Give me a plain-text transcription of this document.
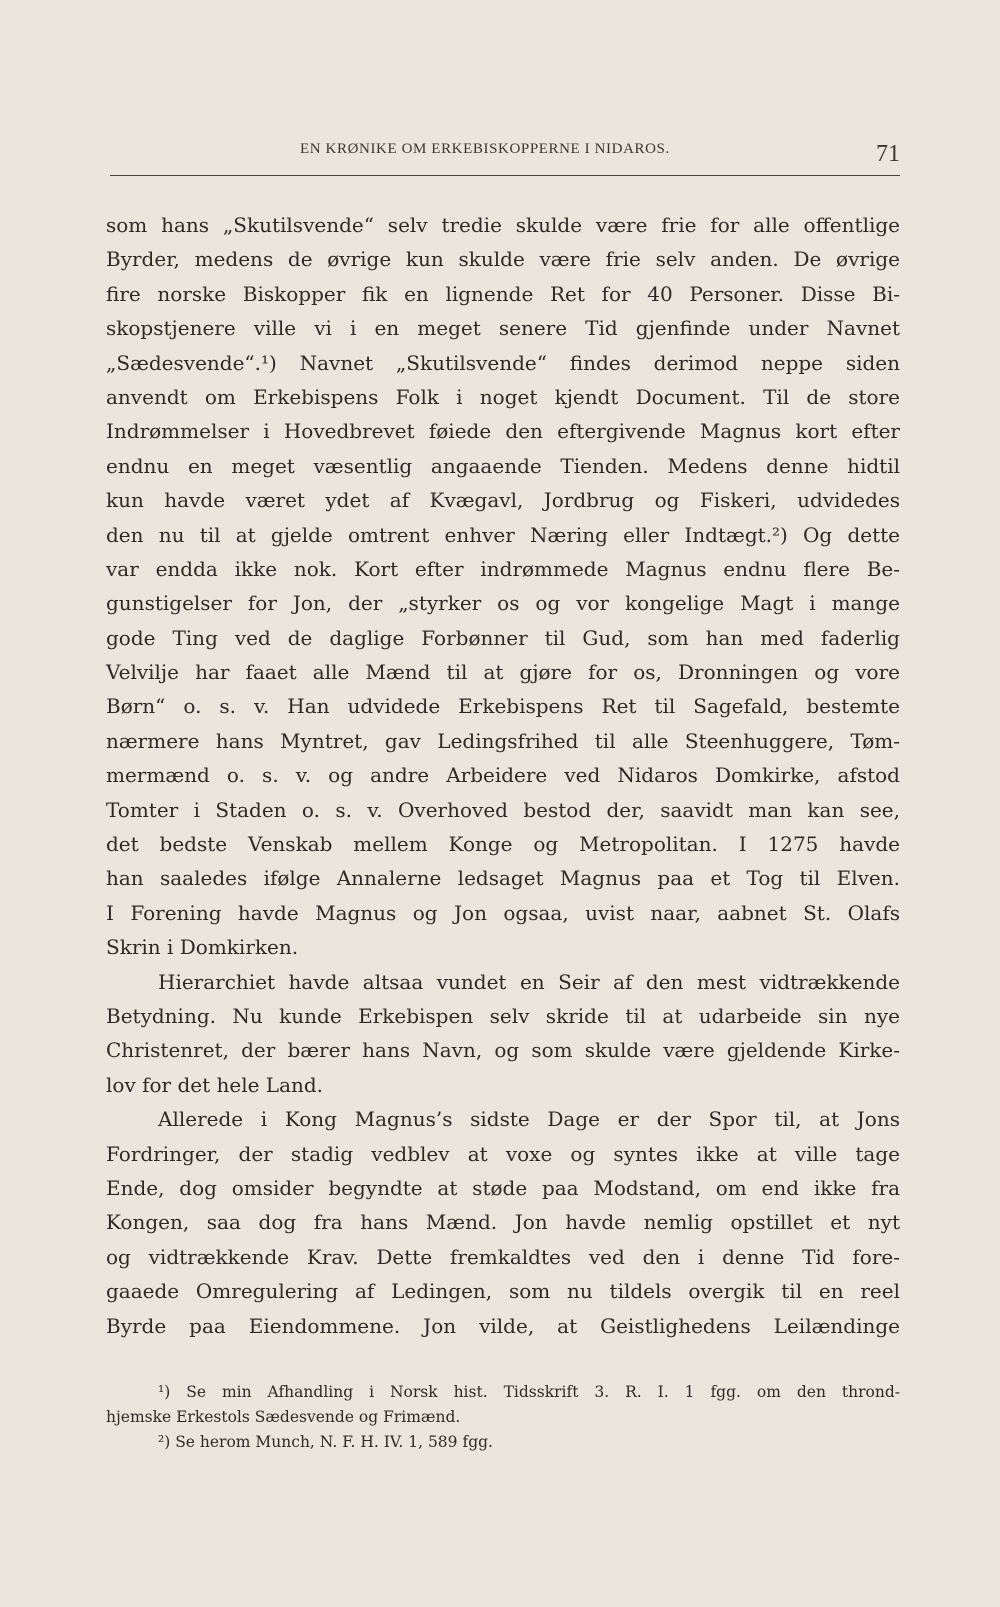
EN KRØNIKE OM ERKEBISKOPPERNE I NIDAROS.	71
som hans „Skutilsvende“ selv tredie skulde være frie for alle offentlige
Byrder, medens de øvrige kun skulde være frie selv anden. De øvrige
fire norske Biskopper fik en lignende Ret for 40 Personer. Disse Bi-
skopstjenere ville vi i en meget senere Tid gjenfinde under Navnet
„Sædesvende“.¹) Navnet „Skutilsvende“ findes derimod neppe siden
anvendt om Erkebispens Folk i noget kjendt Document. Til de store
Indrømmelser i Hovedbrevet føiede den eftergivende Magnus kort efter
endnu en meget væsentlig angaaende Tienden. Medens denne hidtil
kun havde været ydet af Kvægavl, Jordbrug og Fiskeri, udvidedes
den nu til at gjelde omtrent enhver Næring eller Indtægt.²) Og dette
var endda ikke nok. Kort efter indrømmede Magnus endnu flere Be-
gunstigelser for Jon, der „styrker os og vor kongelige Magt i mange
gode Ting ved de daglige Forbønner til Gud, som han med faderlig
Velvilje har faaet alle Mænd til at gjøre for os, Dronningen og vore
Børn“ o. s. v. Han udvidede Erkebispens Ret til Sagefald, bestemte
nærmere hans Myntret, gav Ledingsfrihed til alle Steenhuggere, Tøm-
mermænd o. s. v. og andre Arbeidere ved Nidaros Domkirke, afstod
Tomter i Staden o. s. v. Overhoved bestod der, saavidt man kan see,
det bedste Venskab mellem Konge og Metropolitan. I 1275 havde
han saaledes ifølge Annalerne ledsaget Magnus paa et Tog til Elven.
I Forening havde Magnus og Jon ogsaa, uvist naar, aabnet St. Olafs
Skrin i Domkirken.
Hierarchiet havde altsaa vundet en Seir af den mest vidtrækkende
Betydning. Nu kunde Erkebispen selv skride til at udarbeide sin nye
Christenret, der bærer hans Navn, og som skulde være gjeldende Kirke-
lov for det hele Land.
Allerede i Kong Magnus’s sidste Dage er der Spor til, at Jons
Fordringer, der stadig vedblev at voxe og syntes ikke at ville tage
Ende, dog omsider begyndte at støde paa Modstand, om end ikke fra
Kongen, saa dog fra hans Mænd. Jon havde nemlig opstillet et nyt
og vidtrækkende Krav. Dette fremkaldtes ved den i denne Tid fore-
gaaede Omregulering af Ledingen, som nu tildels overgik til en reel
Byrde paa Eiendommene. Jon vilde, at Geistlighedens Leilændinge
¹) Se min Afhandling i Norsk hist. Tidsskrift 3. R. I. 1 fgg. om den thrond-
hjemske Erkestols Sædesvende og Frimænd.
²) Se herom Munch, N. F. H. IV. 1, 589 fgg.
